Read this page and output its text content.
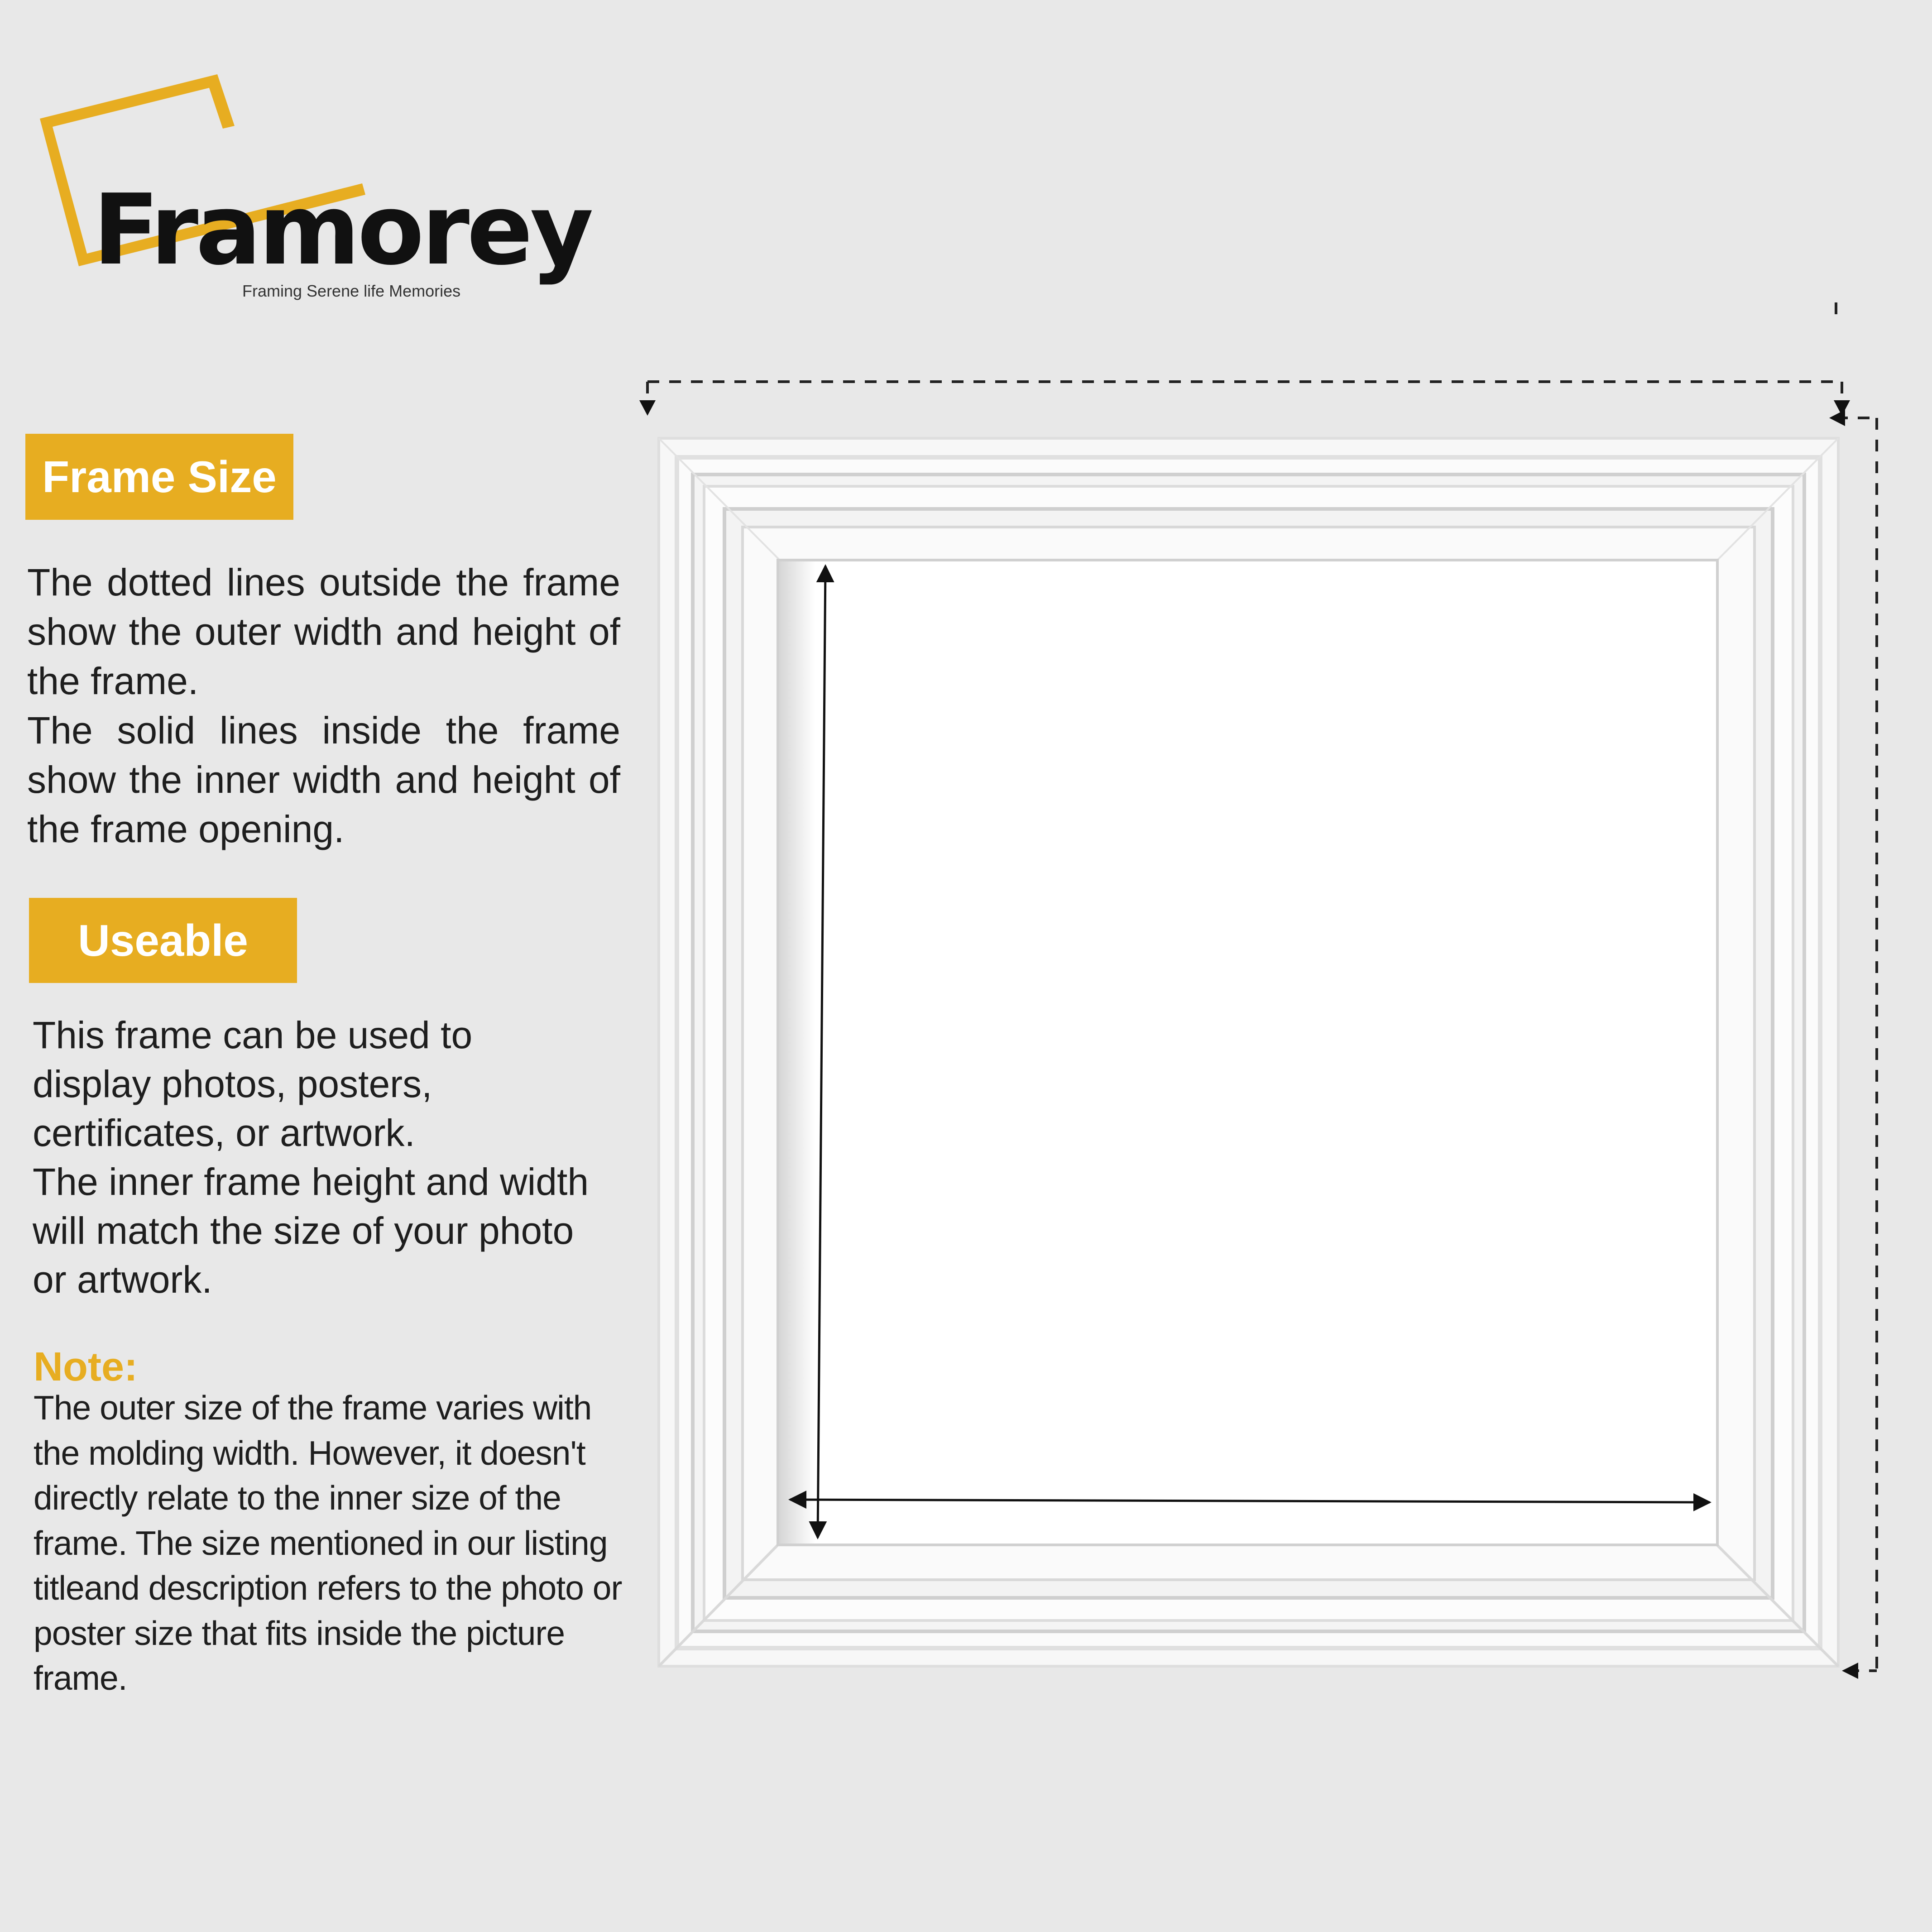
Framorey
Framing Serene life Memories
Frame Size

The dotted lines outside the frame show the outer width and height of the frame.

The solid lines inside the frame show the inner width and height of the frame opening.

Useable

This frame can be used to display photos, posters, certificates, or artwork.

The inner frame height and width will match the size of your photo or artwork.

Note:
The outer size of the frame varies with the molding width. However, it doesn't directly relate to the inner size of the frame. The size mentioned in our listing titleand description refers to the photo or poster size that fits inside the picture frame.
